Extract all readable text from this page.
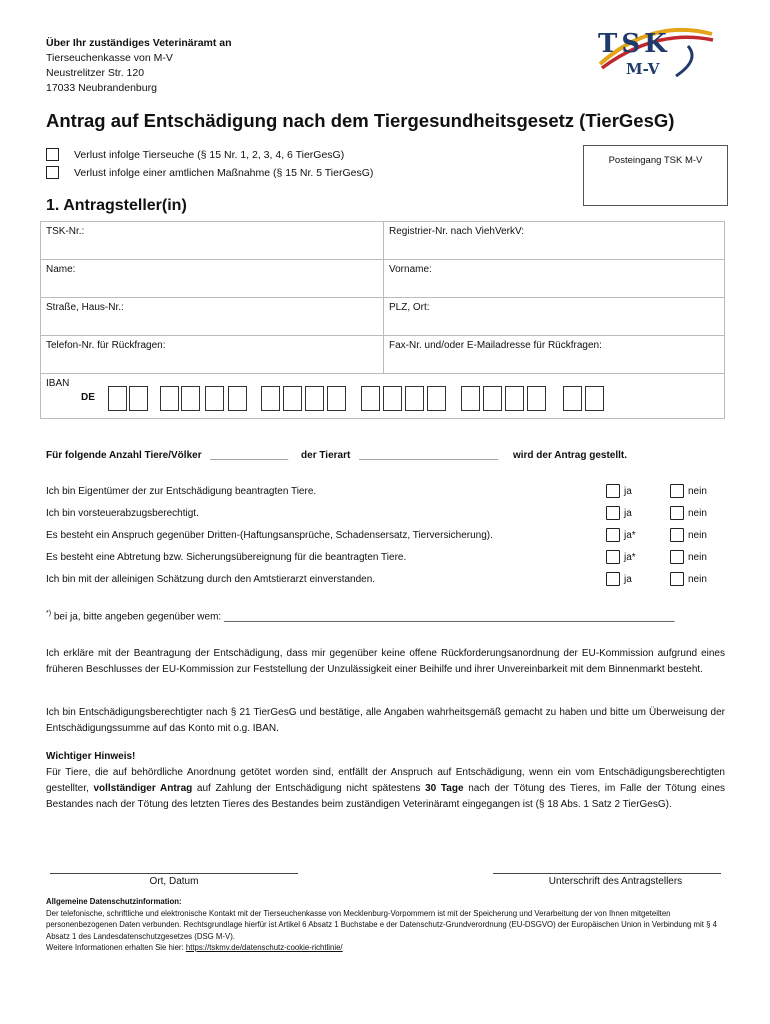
Über Ihr zuständiges Veterinäramt an
Tierseuchenkasse von M-V
Neustrelitzer Str. 120
17033 Neubrandenburg
TSK
M-V
Antrag auf Entschädigung nach dem Tiergesundheitsgesetz (TierGesG)
Verlust infolge Tierseuche (§ 15 Nr. 1, 2, 3, 4, 6 TierGesG)
Verlust infolge einer amtlichen Maßnahme (§ 15 Nr. 5 TierGesG)
Posteingang TSK M-V
1. Antragsteller(in)
TSK-Nr.:	Registrier-Nr. nach ViehVerkV:
Name:	Vorname:
Straße, Haus-Nr.:	PLZ, Ort:
Telefon-Nr. für Rückfragen:	Fax-Nr. und/oder E-Mailadresse für Rückfragen:
IBAN
DE	
Für folgende Anzahl Tiere/Völker ______________ der Tierart _________________________ wird der Antrag gestellt.
Ich bin Eigentümer der zur Entschädigung beantragten Tiere.	ja	nein
Ich bin vorsteuerabzugsberechtigt.	ja	nein
Es besteht ein Anspruch gegenüber Dritten-(Haftungsansprüche, Schadensersatz, Tierversicherung).	ja*	nein
Es besteht eine Abtretung bzw. Sicherungsübereignung für die beantragten Tiere.	ja*	nein
Ich bin mit der alleinigen Schätzung durch den Amtstierarzt einverstanden.	ja	nein
*) bei ja, bitte angeben gegenüber wem: _________________________________________________________________________________
Ich erkläre mit der Beantragung der Entschädigung, dass mir gegenüber keine offene Rückforderungsanordnung der EU-Kommission aufgrund eines früheren Beschlusses der EU-Kommission zur Feststellung der Unzulässigkeit einer Beihilfe und ihrer Unvereinbarkeit mit dem Binnenmarkt besteht.
Ich bin Entschädigungsberechtigter nach § 21 TierGesG und bestätige, alle Angaben wahrheitsgemäß gemacht zu haben und bitte um Überweisung der Entschädigungssumme auf das Konto mit o.g. IBAN.
Wichtiger Hinweis!
Für Tiere, die auf behördliche Anordnung getötet worden sind, entfällt der Anspruch auf Entschädigung, wenn ein vom Entschädigungsberechtigten gestellter, vollständiger Antrag auf Zahlung der Entschädigung nicht spätestens 30 Tage nach der Tötung des Tieres, im Falle der Tötung eines Bestandes nach der Tötung des letzten Tieres des Bestandes beim zuständigen Veterinäramt eingegangen ist (§ 18 Abs. 1 Satz 2 TierGesG).
Ort, Datum	Unterschrift des Antragstellers
Allgemeine Datenschutzinformation:
Der telefonische, schriftliche und elektronische Kontakt mit der Tierseuchenkasse von Mecklenburg-Vorpommern ist mit der Speicherung und Verarbeitung der von Ihnen mitgeteilten personenbezogenen Daten verbunden. Rechtsgrundlage hierfür ist Artikel 6 Absatz 1 Buchstabe e der Datenschutz-Grundverordnung (EU-DSGVO) der Europäischen Union in Verbindung mit § 4 Absatz 1 des Landesdatenschutzgesetzes (DSG M-V).
Weitere Informationen erhalten Sie hier: https://tskmv.de/datenschutz-cookie-richtlinie/
